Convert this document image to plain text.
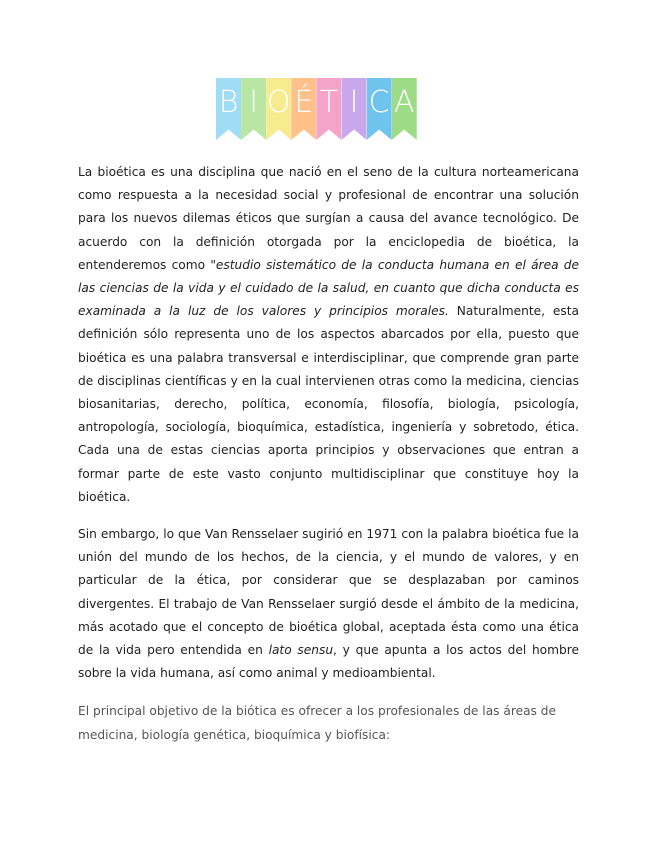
B I O É T I C A

La bioética es una disciplina que nació en el seno de la cultura norteamericana como respuesta a la necesidad social y profesional de encontrar una solución para los nuevos dilemas éticos que surgían a causa del avance tecnológico. De acuerdo con la definición otorgada por la enciclopedia de bioética, la entenderemos como "estudio sistemático de la conducta humana en el área de las ciencias de la vida y el cuidado de la salud, en cuanto que dicha conducta es examinada a la luz de los valores y principios morales. Naturalmente, esta definición sólo representa uno de los aspectos abarcados por ella, puesto que bioética es una palabra transversal e interdisciplinar, que comprende gran parte de disciplinas científicas y en la cual intervienen otras como la medicina, ciencias biosanitarias, derecho, política, economía, filosofía, biología, psicología, antropología, sociología, bioquímica, estadística, ingeniería y sobretodo, ética. Cada una de estas ciencias aporta principios y observaciones que entran a formar parte de este vasto conjunto multidisciplinar que constituye hoy la bioética.

Sin embargo, lo que Van Rensselaer sugirió en 1971 con la palabra bioética fue la unión del mundo de los hechos, de la ciencia, y el mundo de valores, y en particular de la ética, por considerar que se desplazaban por caminos divergentes. El trabajo de Van Rensselaer surgió desde el ámbito de la medicina, más acotado que el concepto de bioética global, aceptada ésta como una ética de la vida pero entendida en lato sensu, y que apunta a los actos del hombre sobre la vida humana, así como animal y medioambiental.

El principal objetivo de la biótica es ofrecer a los profesionales de las áreas de medicina, biología genética, bioquímica y biofísica:
